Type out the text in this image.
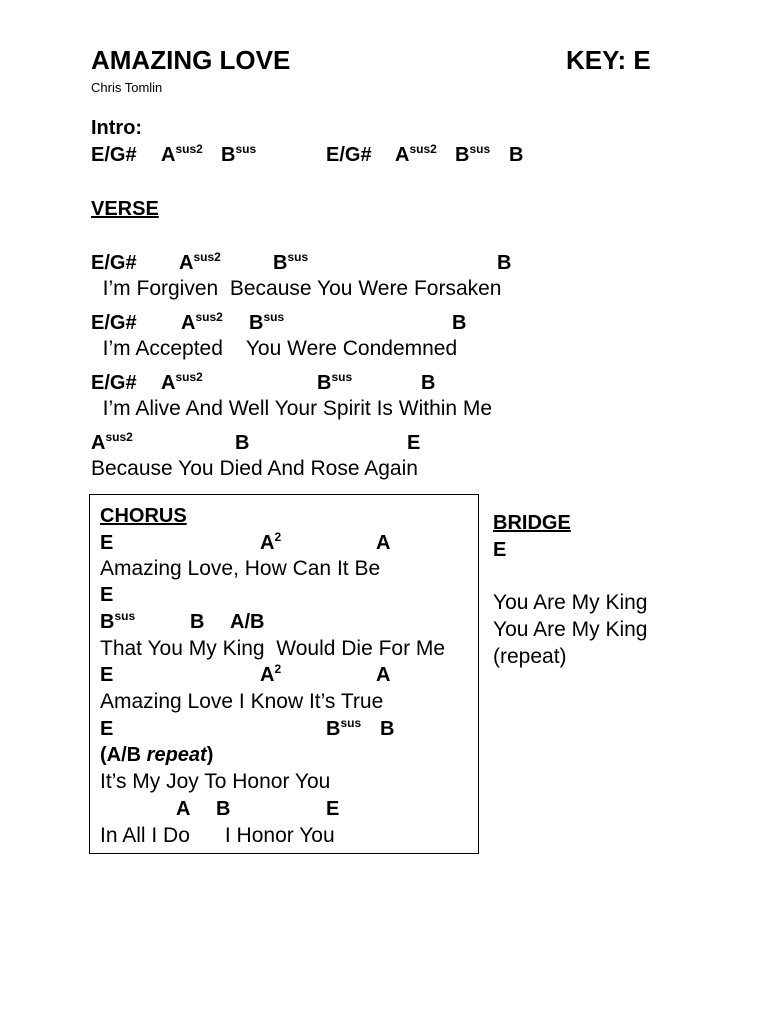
AMAZING LOVE	KEY: E
Chris Tomlin
Intro:
E/G# $A^{sus2}$ $B^{sus}$	E/G# $A^{sus2}$ $B^{sus}$ B
VERSE
E/G# $A^{sus2}$	$B^{sus}$	B
I’m Forgiven  Because You Were Forsaken
E/G# $A^{sus2}$ $B^{sus}$	B
I’m Accepted    You Were Condemned
E/G# $A^{sus2}$	$B^{sus}$	B
I’m Alive And Well Your Spirit Is Within Me
$A^{sus2}$	B	E
Because You Died And Rose Again
CHORUS
E	$A^2$	A
Amazing Love, How Can It Be
E
$B^{sus}$	B A/B
That You My King  Would Die For Me
E	$A^2$	A
Amazing Love I Know It’s True
E	$B^{sus}$ B
(A/B repeat)
It’s My Joy To Honor You
A B	E
In All I Do      I Honor You
BRIDGE
E
You Are My King
You Are My King
(repeat)
